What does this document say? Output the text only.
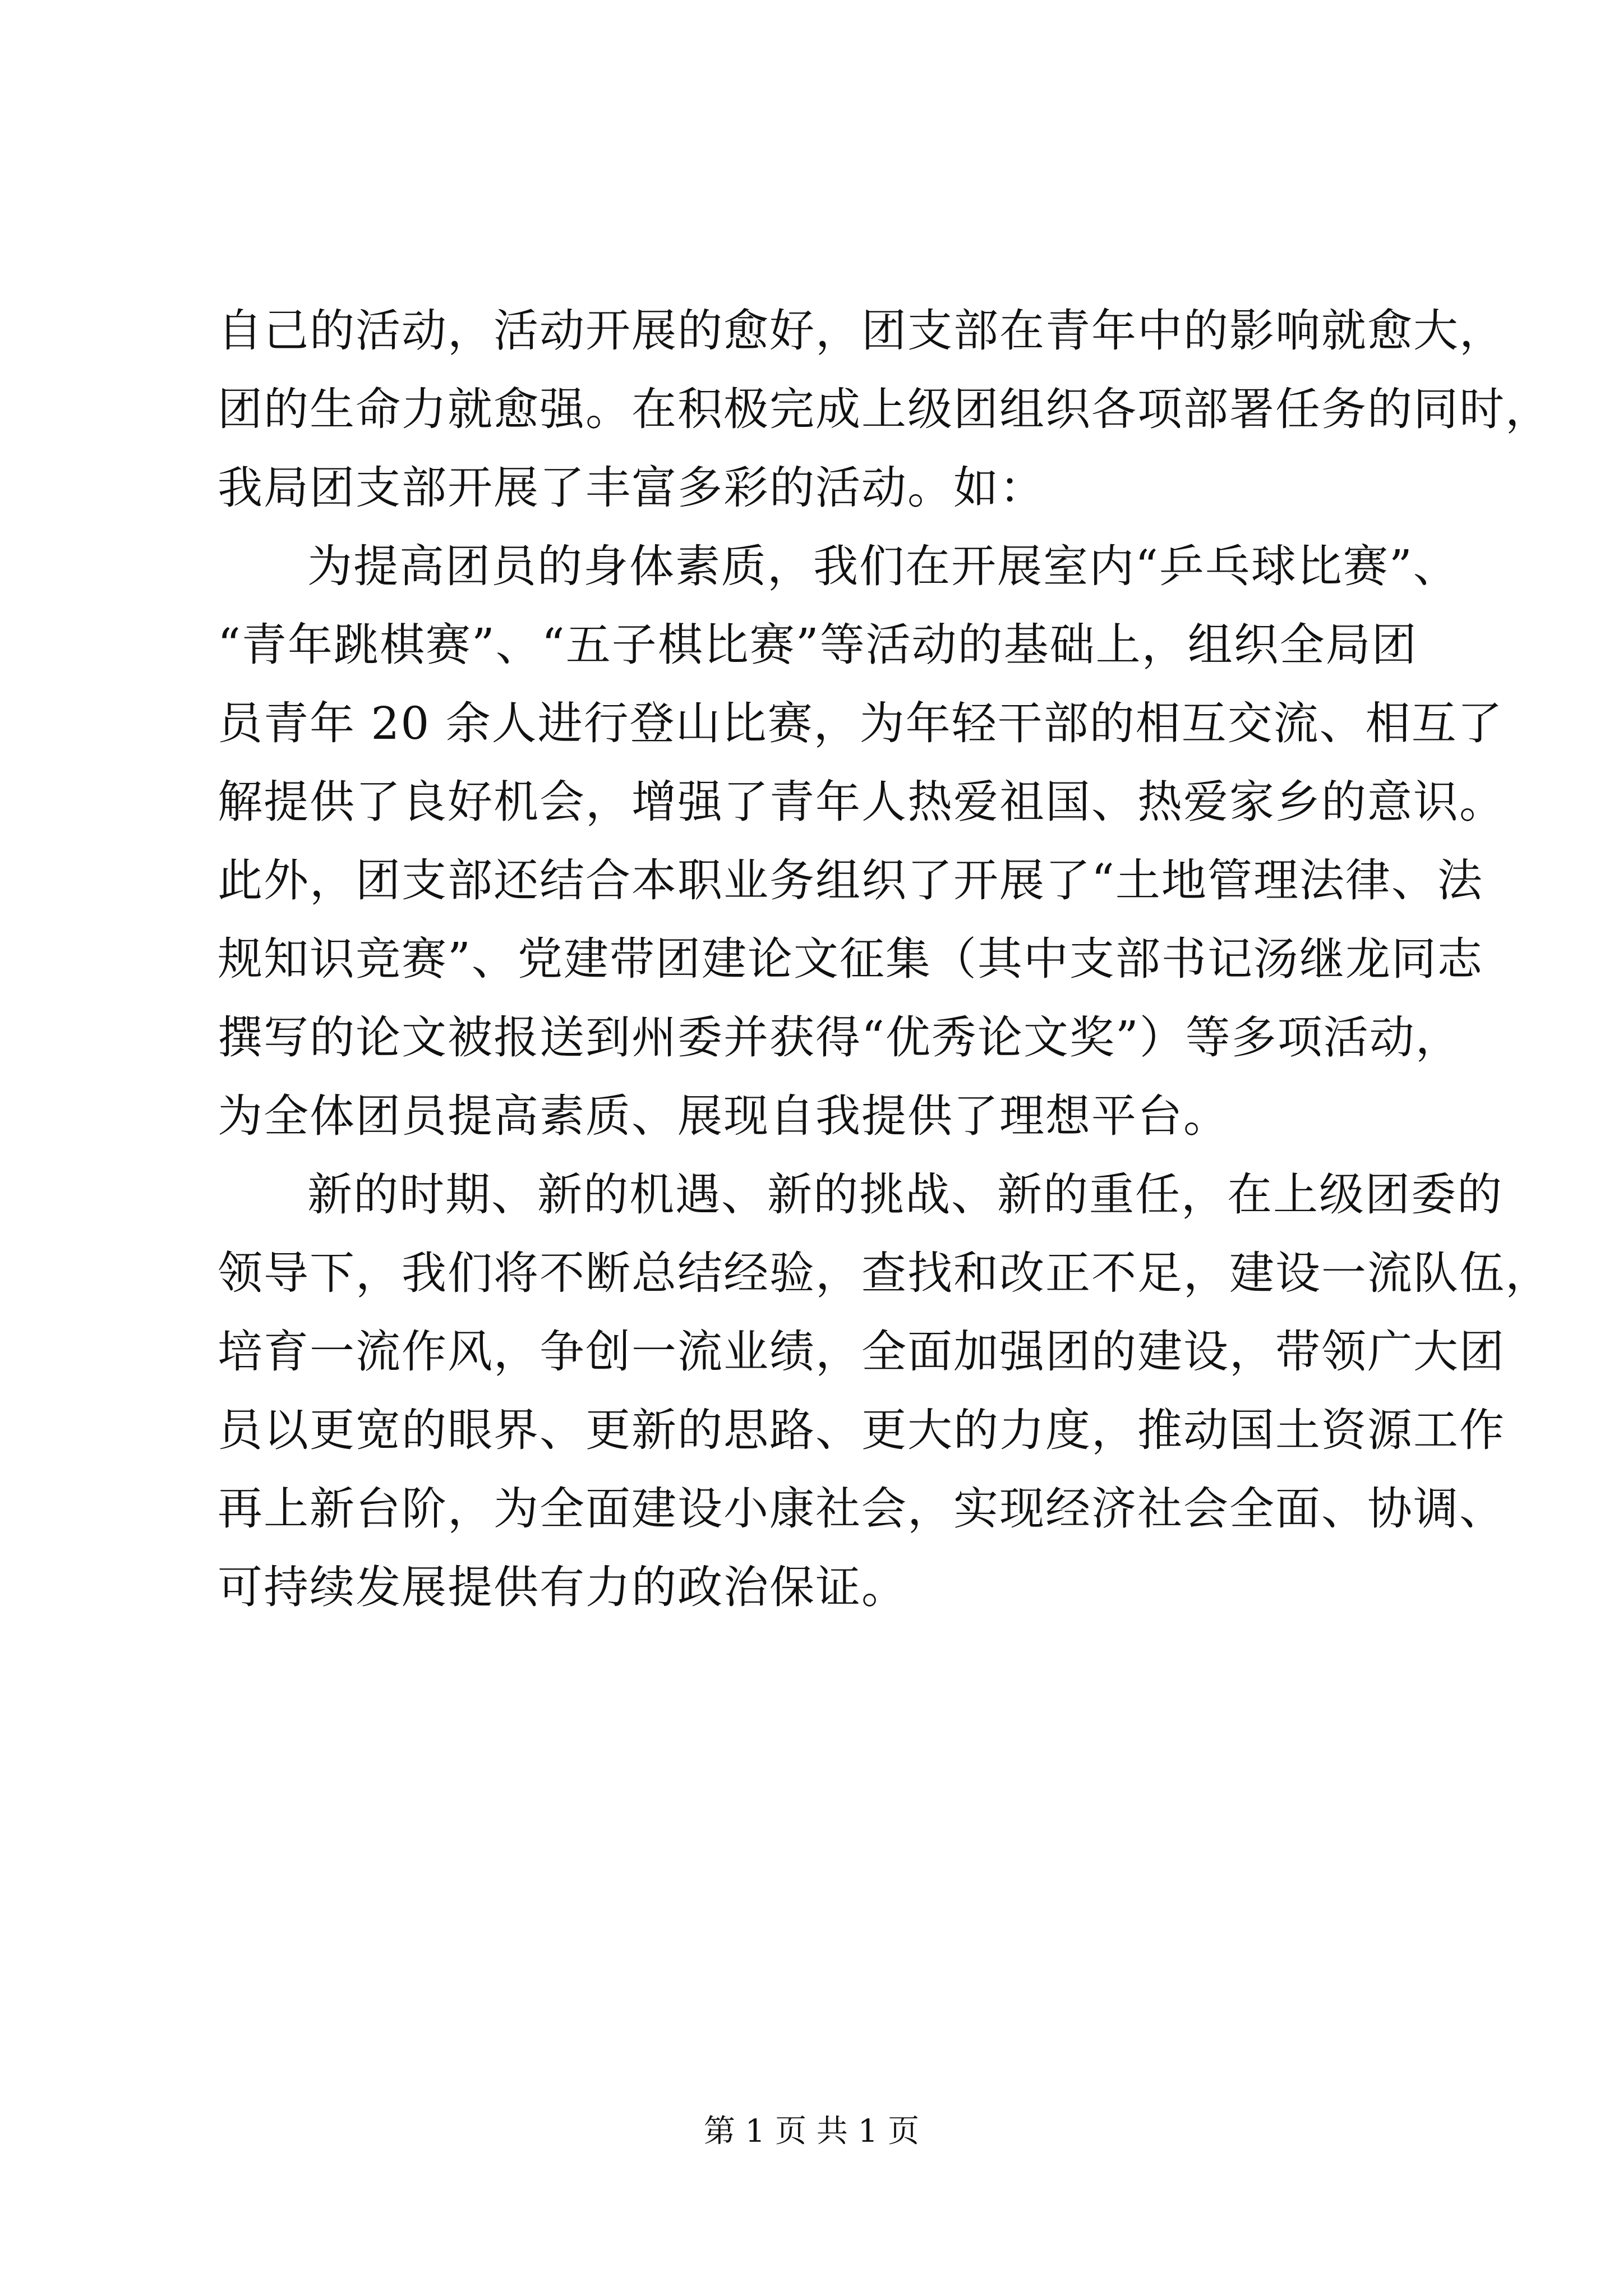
自己的活动，活动开展的愈好，团支部在青年中的影响就愈大，
团的生命力就愈强。在积极完成上级团组织各项部署任务的同时，
我局团支部开展了丰富多彩的活动。如：
为提高团员的身体素质，我们在开展室内“乒乓球比赛”、
“青年跳棋赛”、“五子棋比赛”等活动的基础上，组织全局团
员青年 20 余人进行登山比赛，为年轻干部的相互交流、相互了
解提供了良好机会，增强了青年人热爱祖国、热爱家乡的意识。
此外，团支部还结合本职业务组织了开展了“土地管理法律、法
规知识竞赛”、党建带团建论文征集（其中支部书记汤继龙同志
撰写的论文被报送到州委并获得“优秀论文奖”）等多项活动，
为全体团员提高素质、展现自我提供了理想平台。
新的时期、新的机遇、新的挑战、新的重任，在上级团委的
领导下，我们将不断总结经验，查找和改正不足，建设一流队伍，
培育一流作风，争创一流业绩，全面加强团的建设，带领广大团
员以更宽的眼界、更新的思路、更大的力度，推动国土资源工作
再上新台阶，为全面建设小康社会，实现经济社会全面、协调、
可持续发展提供有力的政治保证。
第 1 页 共 1 页
